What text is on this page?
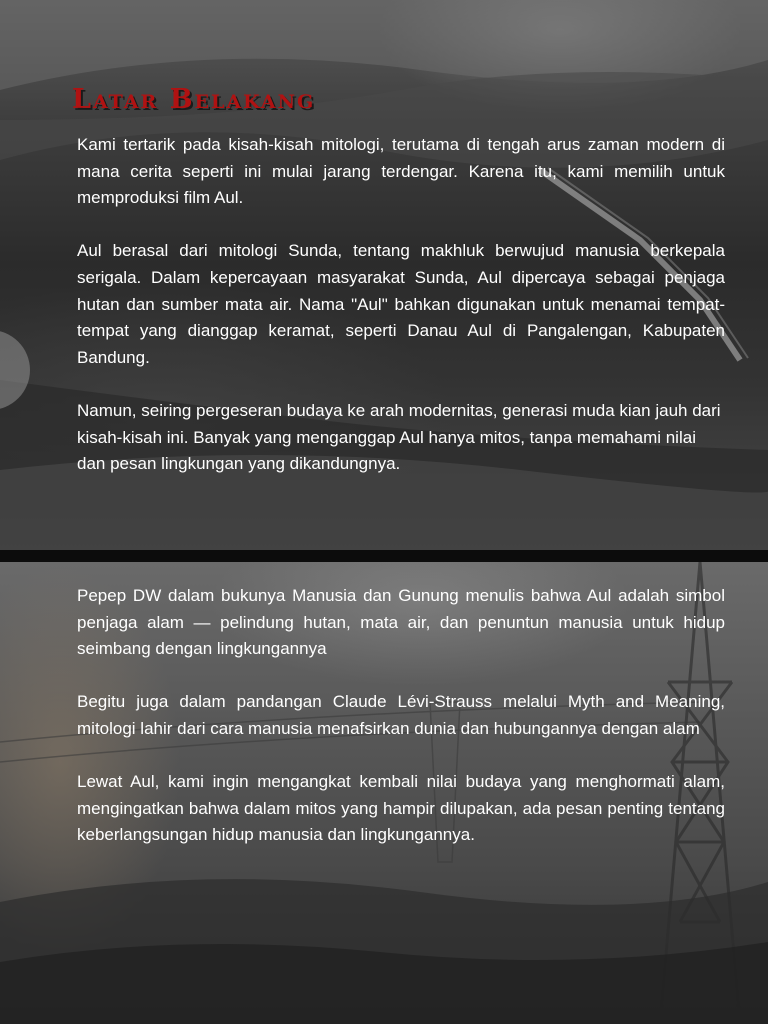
Latar Belakang

Kami tertarik pada kisah-kisah mitologi, terutama di tengah arus zaman modern di mana cerita seperti ini mulai jarang terdengar. Karena itu, kami memilih untuk memproduksi film Aul.

Aul berasal dari mitologi Sunda, tentang makhluk berwujud manusia berkepala serigala. Dalam kepercayaan masyarakat Sunda, Aul dipercaya sebagai penjaga hutan dan sumber mata air. Nama "Aul" bahkan digunakan untuk menamai tempat-tempat yang dianggap keramat, seperti Danau Aul di Pangalengan, Kabupaten Bandung.

Namun, seiring pergeseran budaya ke arah modernitas, generasi muda kian jauh dari kisah-kisah ini. Banyak yang menganggap Aul hanya mitos, tanpa memahami nilai dan pesan lingkungan yang dikandungnya.

Pepep DW dalam bukunya Manusia dan Gunung menulis bahwa Aul adalah simbol penjaga alam — pelindung hutan, mata air, dan penuntun manusia untuk hidup seimbang dengan lingkungannya

Begitu juga dalam pandangan Claude Lévi-Strauss melalui Myth and Meaning, mitologi lahir dari cara manusia menafsirkan dunia dan hubungannya dengan alam

Lewat Aul, kami ingin mengangkat kembali nilai budaya yang menghormati alam, mengingatkan bahwa dalam mitos yang hampir dilupakan, ada pesan penting tentang keberlangsungan hidup manusia dan lingkungannya.
